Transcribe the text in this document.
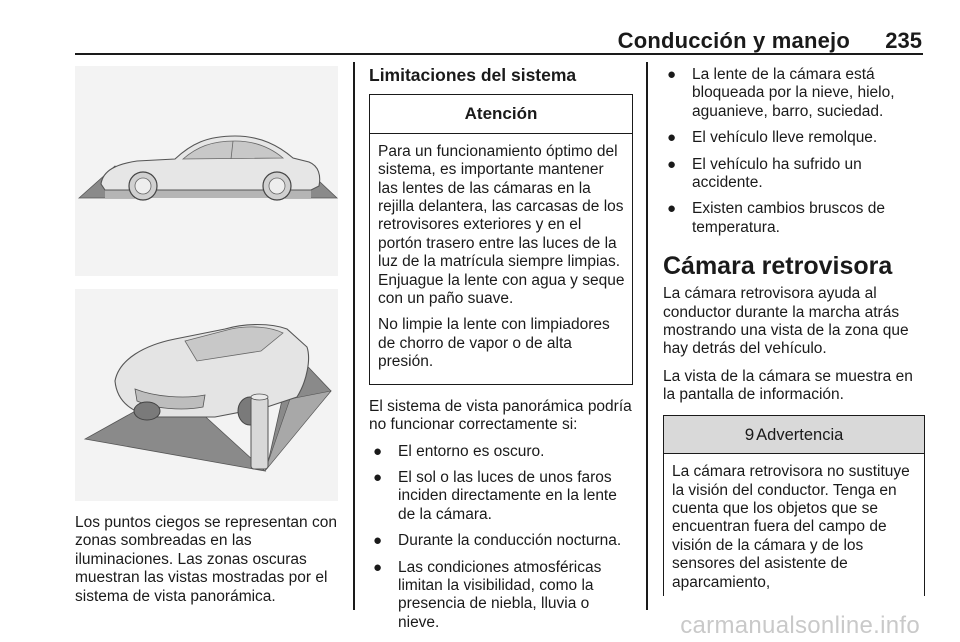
Conducción y manejo 235
Los puntos ciegos se representan con zonas sombreadas en las iluminaciones. Las zonas oscuras muestran las vistas mostradas por el sistema de vista panorámica.
Limitaciones del sistema
Atención

Para un funcionamiento óptimo del sistema, es importante mantener las lentes de las cámaras en la rejilla delantera, las carcasas de los retrovisores exteriores y en el portón trasero entre las luces de la luz de la matrícula siempre limpias. Enjuague la lente con agua y seque con un paño suave.

No limpie la lente con limpiadores de chorro de vapor o de alta presión.

El sistema de vista panorámica podría no funcionar correctamente si:

● El entorno es oscuro.
● El sol o las luces de unos faros inciden directamente en la lente de la cámara.
● Durante la conducción nocturna.
● Las condiciones atmosféricas limitan la visibilidad, como la presencia de niebla, lluvia o nieve.
● La lente de la cámara está bloqueada por la nieve, hielo, aguanieve, barro, suciedad.
● El vehículo lleve remolque.
● El vehículo ha sufrido un accidente.
● Existen cambios bruscos de temperatura.
Cámara retrovisora

La cámara retrovisora ayuda al conductor durante la marcha atrás mostrando una vista de la zona que hay detrás del vehículo.

La vista de la cámara se muestra en la pantalla de información.

9 Advertencia

La cámara retrovisora no sustituye la visión del conductor. Tenga en cuenta que los objetos que se encuentran fuera del campo de visión de la cámara y de los sensores del asistente de aparcamiento,

carmanualsonline.info
